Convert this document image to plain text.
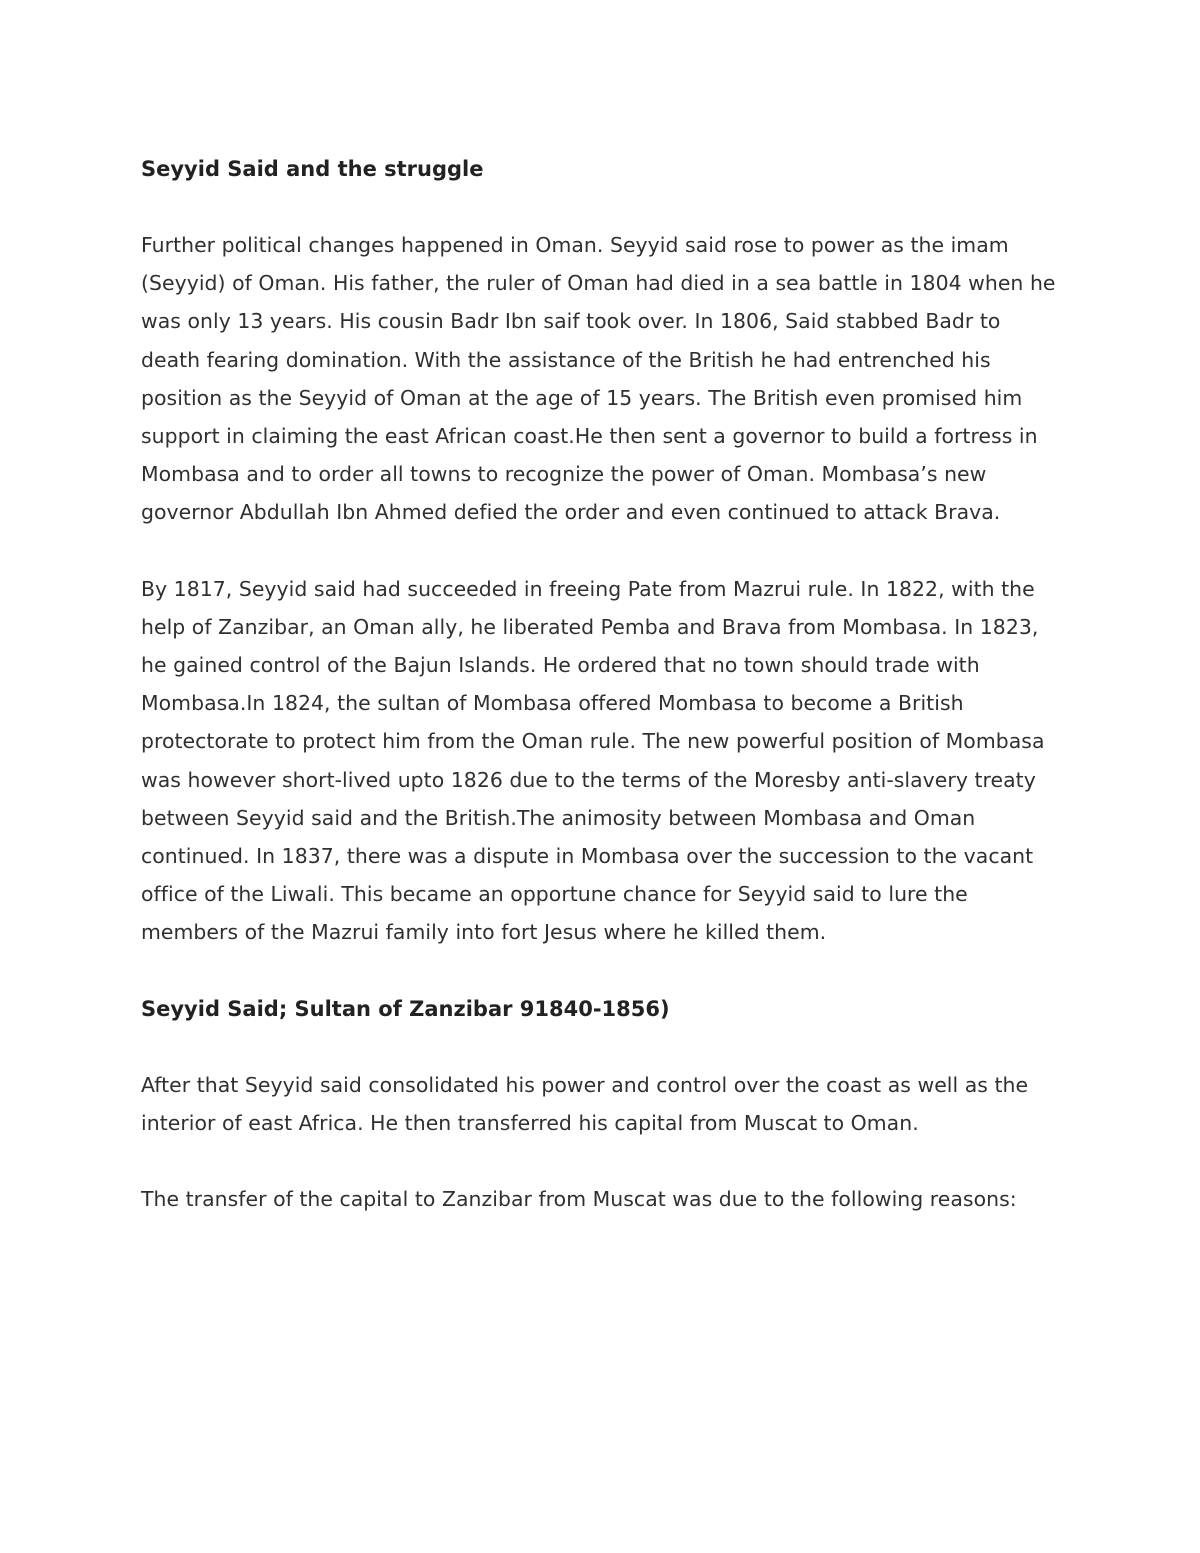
Seyyid Said and the struggle

Further political changes happened in Oman. Seyyid said rose to power as the imam (Seyyid) of Oman. His father, the ruler of Oman had died in a sea battle in 1804 when he was only 13 years. His cousin Badr Ibn saif took over. In 1806, Said stabbed Badr to death fearing domination. With the assistance of the British he had entrenched his position as the Seyyid of Oman at the age of 15 years. The British even promised him support in claiming the east African coast.He then sent a governor to build a fortress in Mombasa and to order all towns to recognize the power of Oman. Mombasa’s new governor Abdullah Ibn Ahmed defied the order and even continued to attack Brava.

By 1817, Seyyid said had succeeded in freeing Pate from Mazrui rule. In 1822, with the help of Zanzibar, an Oman ally, he liberated Pemba and Brava from Mombasa. In 1823, he gained control of the Bajun Islands. He ordered that no town should trade with Mombasa.In 1824, the sultan of Mombasa offered Mombasa to become a British protectorate to protect him from the Oman rule. The new powerful position of Mombasa was however short-lived upto 1826 due to the terms of the Moresby anti-slavery treaty between Seyyid said and the British.The animosity between Mombasa and Oman continued. In 1837, there was a dispute in Mombasa over the succession to the vacant office of the Liwali. This became an opportune chance for Seyyid said to lure the members of the Mazrui family into fort Jesus where he killed them.

Seyyid Said; Sultan of Zanzibar 91840-1856)

After that Seyyid said consolidated his power and control over the coast as well as the interior of east Africa. He then transferred his capital from Muscat to Oman.

The transfer of the capital to Zanzibar from Muscat was due to the following reasons:
